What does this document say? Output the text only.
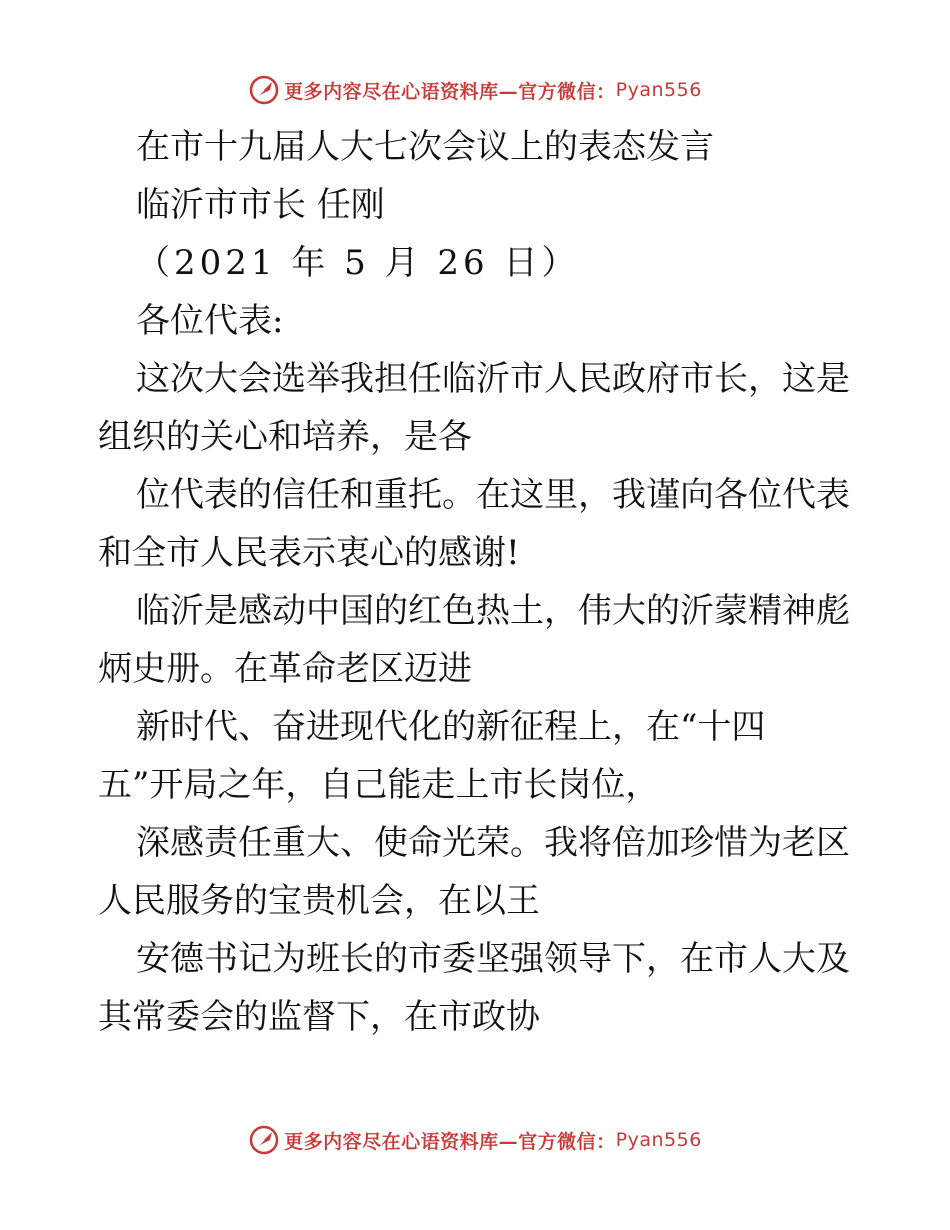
更多内容尽在心语资料库—官方微信： Pyan556
在市十九届人大七次会议上的表态发言
临沂市市长 任刚
（2021 年 5 月 26 日）
各位代表:
这次大会选举我担任临沂市人民政府市长，这是
组织的关心和培养，是各
位代表的信任和重托。在这里，我谨向各位代表
和全市人民表示衷心的感谢!
临沂是感动中国的红色热土，伟大的沂蒙精神彪
炳史册。在革命老区迈进
新时代、奋进现代化的新征程上，在“十四
五”开局之年，自己能走上市长岗位，
深感责任重大、使命光荣。我将倍加珍惜为老区
人民服务的宝贵机会，在以王
安德书记为班长的市委坚强领导下，在市人大及
其常委会的监督下，在市政协
更多内容尽在心语资料库—官方微信： Pyan556
